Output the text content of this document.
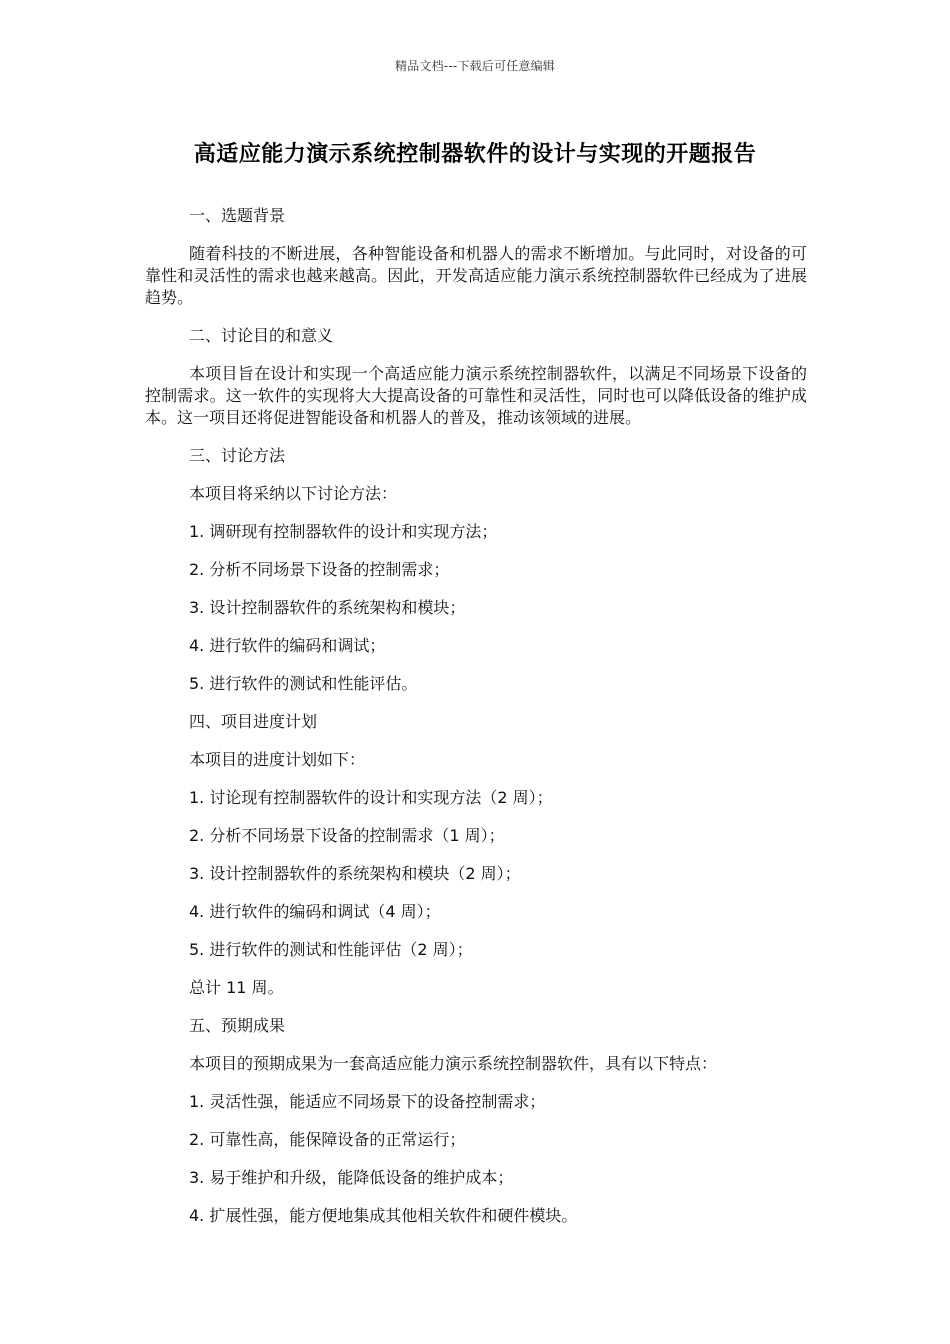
精品文档---下载后可任意编辑
高适应能力演示系统控制器软件的设计与实现的开题报告

一、选题背景

随着科技的不断进展，各种智能设备和机器人的需求不断增加。与此同时，对设备的可靠性和灵活性的需求也越来越高。因此，开发高适应能力演示系统控制器软件已经成为了进展趋势。

二、讨论目的和意义

本项目旨在设计和实现一个高适应能力演示系统控制器软件，以满足不同场景下设备的控制需求。这一软件的实现将大大提高设备的可靠性和灵活性，同时也可以降低设备的维护成本。这一项目还将促进智能设备和机器人的普及，推动该领域的进展。

三、讨论方法

本项目将采纳以下讨论方法：

1. 调研现有控制器软件的设计和实现方法；

2. 分析不同场景下设备的控制需求；

3. 设计控制器软件的系统架构和模块；

4. 进行软件的编码和调试；

5. 进行软件的测试和性能评估。

四、项目进度计划

本项目的进度计划如下：

1. 讨论现有控制器软件的设计和实现方法（2 周）；

2. 分析不同场景下设备的控制需求（1 周）；

3. 设计控制器软件的系统架构和模块（2 周）；

4. 进行软件的编码和调试（4 周）；

5. 进行软件的测试和性能评估（2 周）；

总计 11 周。

五、预期成果

本项目的预期成果为一套高适应能力演示系统控制器软件，具有以下特点：

1. 灵活性强，能适应不同场景下的设备控制需求；

2. 可靠性高，能保障设备的正常运行；

3. 易于维护和升级，能降低设备的维护成本；

4. 扩展性强，能方便地集成其他相关软件和硬件模块。
